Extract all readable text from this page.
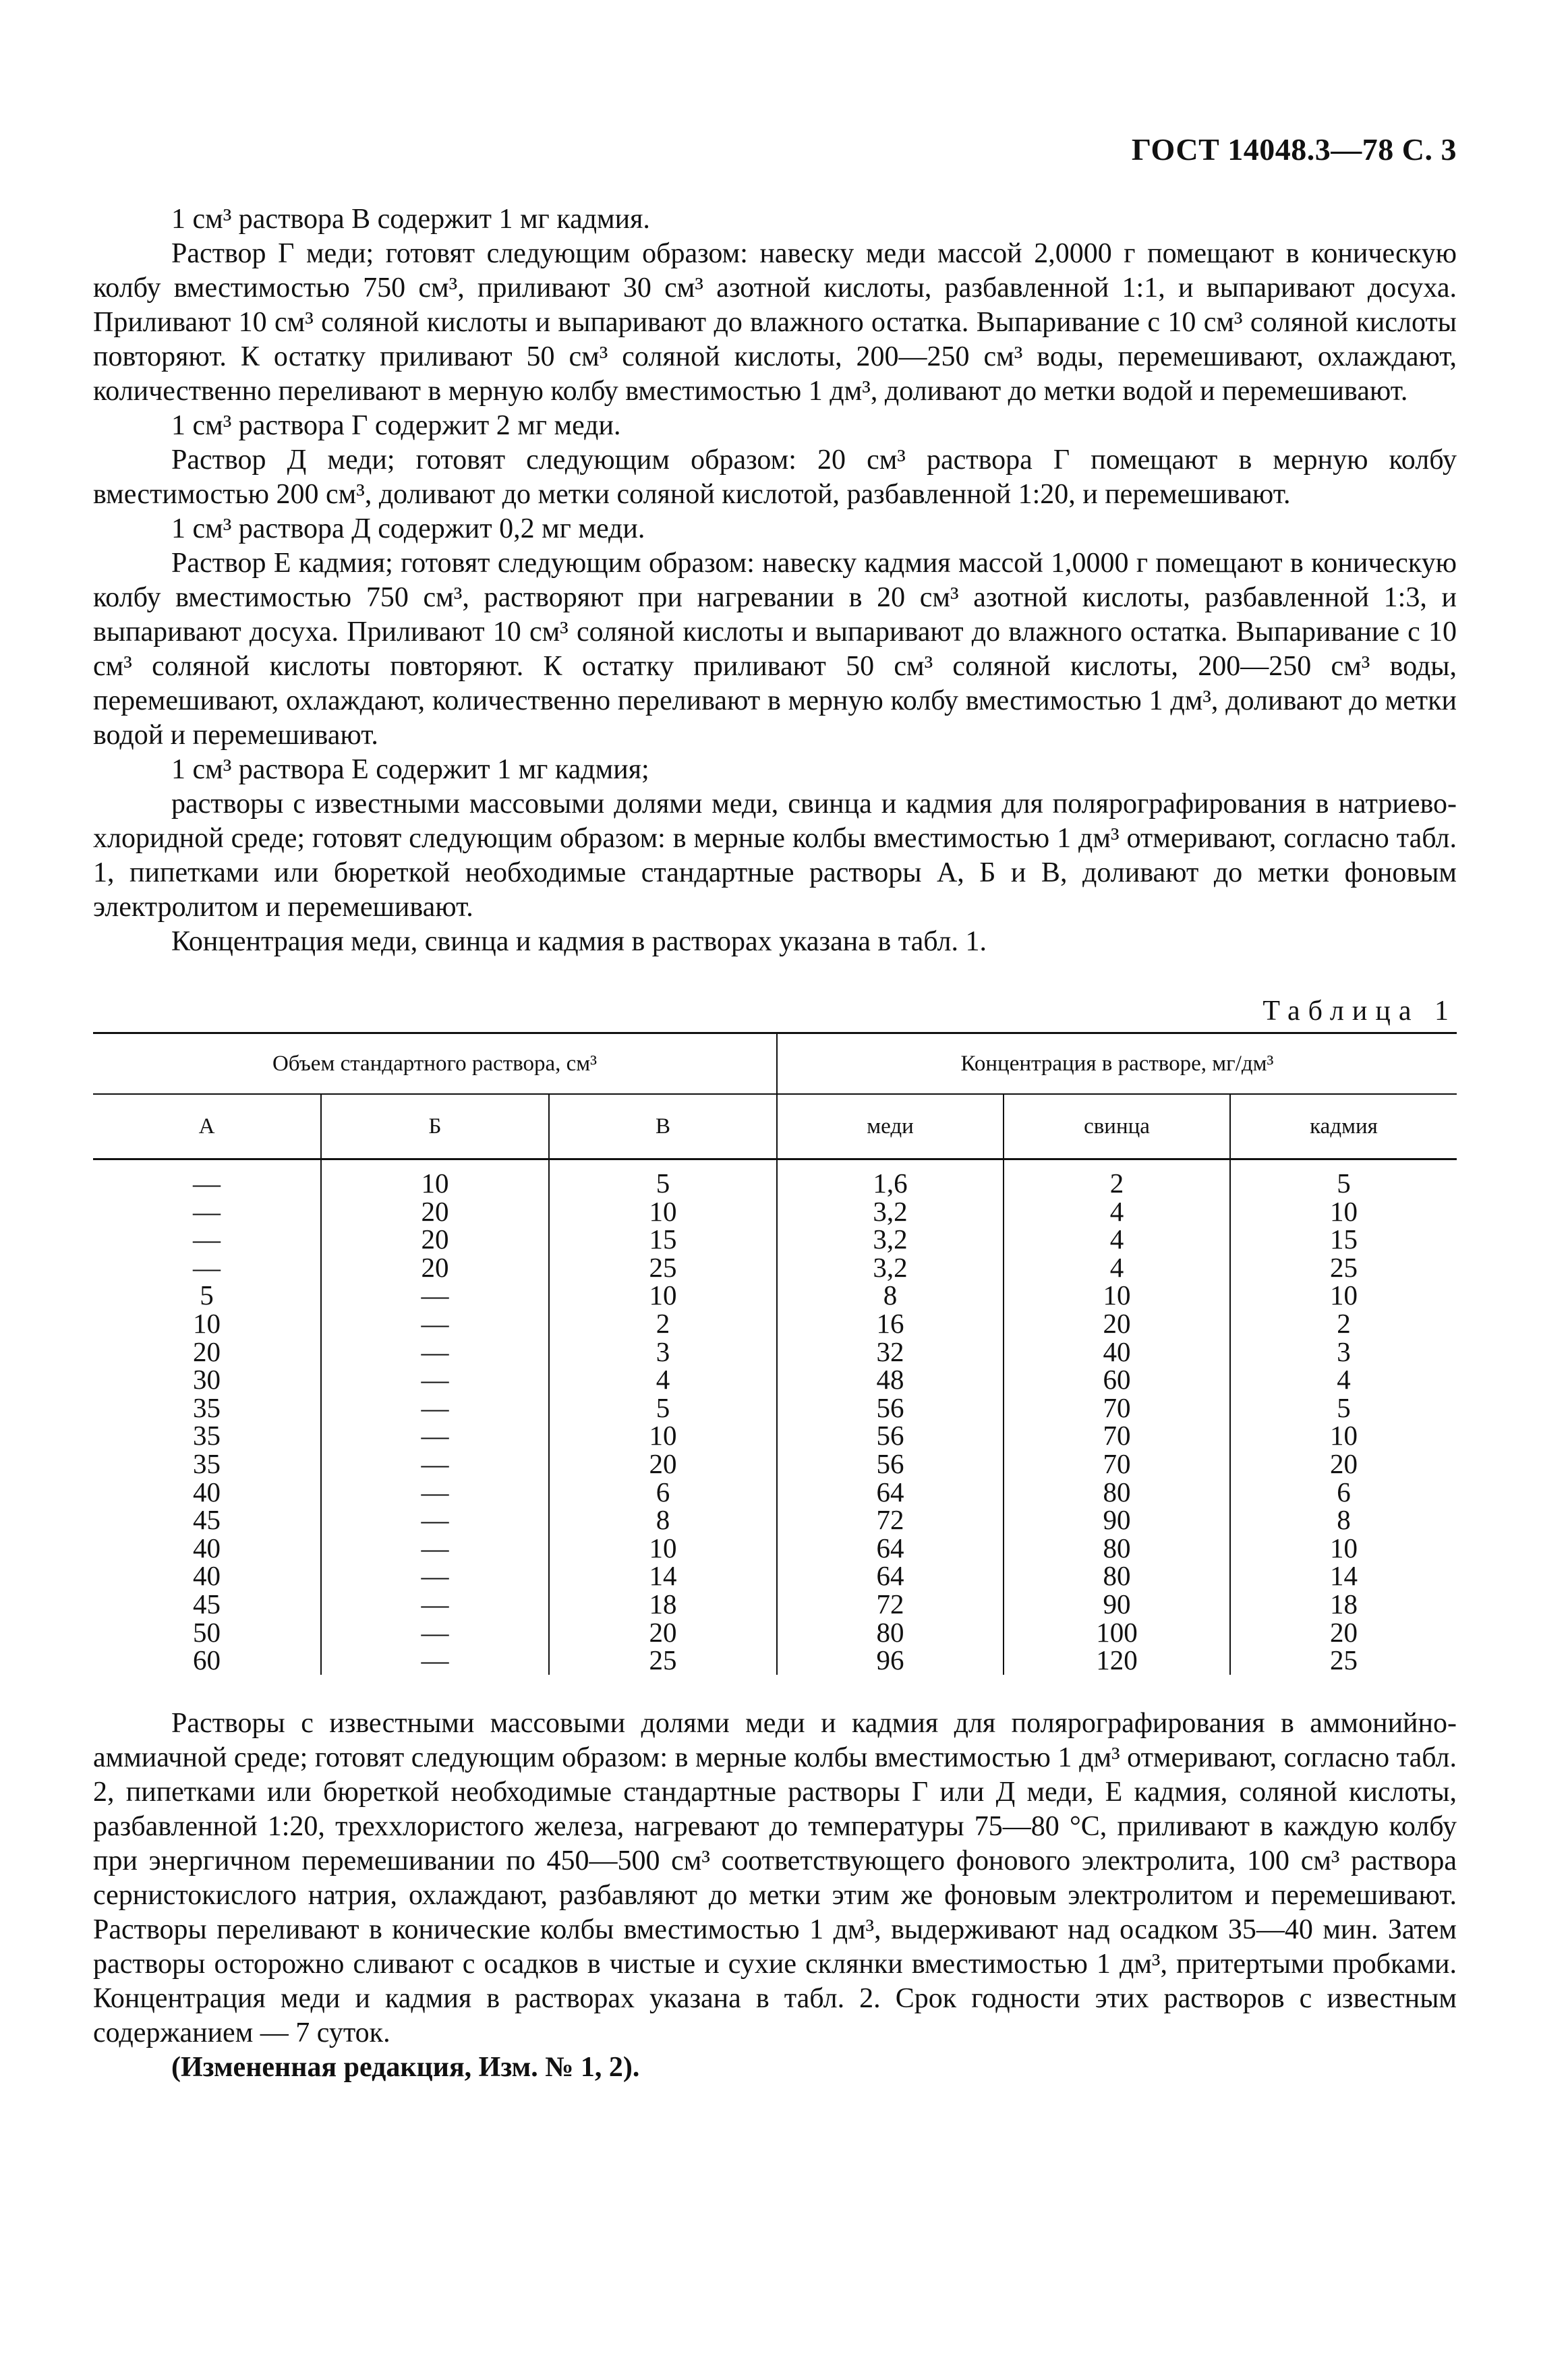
ГОСТ 14048.3—78 С. 3

1 см³ раствора В содержит 1 мг кадмия.

Раствор Г меди; готовят следующим образом: навеску меди массой 2,0000 г помещают в коническую колбу вместимостью 750 см³, приливают 30 см³ азотной кислоты, разбавленной 1:1, и выпаривают досуха. Приливают 10 см³ соляной кислоты и выпаривают до влажного остатка. Выпаривание с 10 см³ соляной кислоты повторяют. К остатку приливают 50 см³ соляной кислоты, 200—250 см³ воды, перемешивают, охлаждают, количественно переливают в мерную колбу вместимостью 1 дм³, доливают до метки водой и перемешивают.

1 см³ раствора Г содержит 2 мг меди.

Раствор Д меди; готовят следующим образом: 20 см³ раствора Г помещают в мерную колбу вместимостью 200 см³, доливают до метки соляной кислотой, разбавленной 1:20, и перемешивают.

1 см³ раствора Д содержит 0,2 мг меди.

Раствор Е кадмия; готовят следующим образом: навеску кадмия массой 1,0000 г помещают в коническую колбу вместимостью 750 см³, растворяют при нагревании в 20 см³ азотной кислоты, разбавленной 1:3, и выпаривают досуха. Приливают 10 см³ соляной кислоты и выпаривают до влажного остатка. Выпаривание с 10 см³ соляной кислоты повторяют. К остатку приливают 50 см³ соляной кислоты, 200—250 см³ воды, перемешивают, охлаждают, количественно переливают в мерную колбу вместимостью 1 дм³, доливают до метки водой и перемешивают.

1 см³ раствора Е содержит 1 мг кадмия;

растворы с известными массовыми долями меди, свинца и кадмия для полярографирования в натриево-хлоридной среде; готовят следующим образом: в мерные колбы вместимостью 1 дм³ отмеривают, согласно табл. 1, пипетками или бюреткой необходимые стандартные растворы А, Б и В, доливают до метки фоновым электролитом и перемешивают.

Концентрация меди, свинца и кадмия в растворах указана в табл. 1.

Таблица 1
Объем стандартного раствора, см³			Концентрация в растворе, мг/дм³		
А	Б	В	меди	свинца	кадмия
—	10	5	1,6	2	5
—	20	10	3,2	4	10
—	20	15	3,2	4	15
—	20	25	3,2	4	25
5	—	10	8	10	10
10	—	2	16	20	2
20	—	3	32	40	3
30	—	4	48	60	4
35	—	5	56	70	5
35	—	10	56	70	10
35	—	20	56	70	20
40	—	6	64	80	6
45	—	8	72	90	8
40	—	10	64	80	10
40	—	14	64	80	14
45	—	18	72	90	18
50	—	20	80	100	20
60	—	25	96	120	25

Растворы с известными массовыми долями меди и кадмия для полярографирования в аммонийно-аммиачной среде; готовят следующим образом: в мерные колбы вместимостью 1 дм³ отмеривают, согласно табл. 2, пипетками или бюреткой необходимые стандартные растворы Г или Д меди, Е кадмия, соляной кислоты, разбавленной 1:20, треххлористого железа, нагревают до температуры 75—80 °С, приливают в каждую колбу при энергичном перемешивании по 450—500 см³ соответствующего фонового электролита, 100 см³ раствора сернистокислого натрия, охлаждают, разбавляют до метки этим же фоновым электролитом и перемешивают. Растворы переливают в конические колбы вместимостью 1 дм³, выдерживают над осадком 35—40 мин. Затем растворы осторожно сливают с осадков в чистые и сухие склянки вместимостью 1 дм³, притертыми пробками. Концентрация меди и кадмия в растворах указана в табл. 2. Срок годности этих растворов с известным содержанием — 7 суток.

(Измененная редакция, Изм. № 1, 2).
